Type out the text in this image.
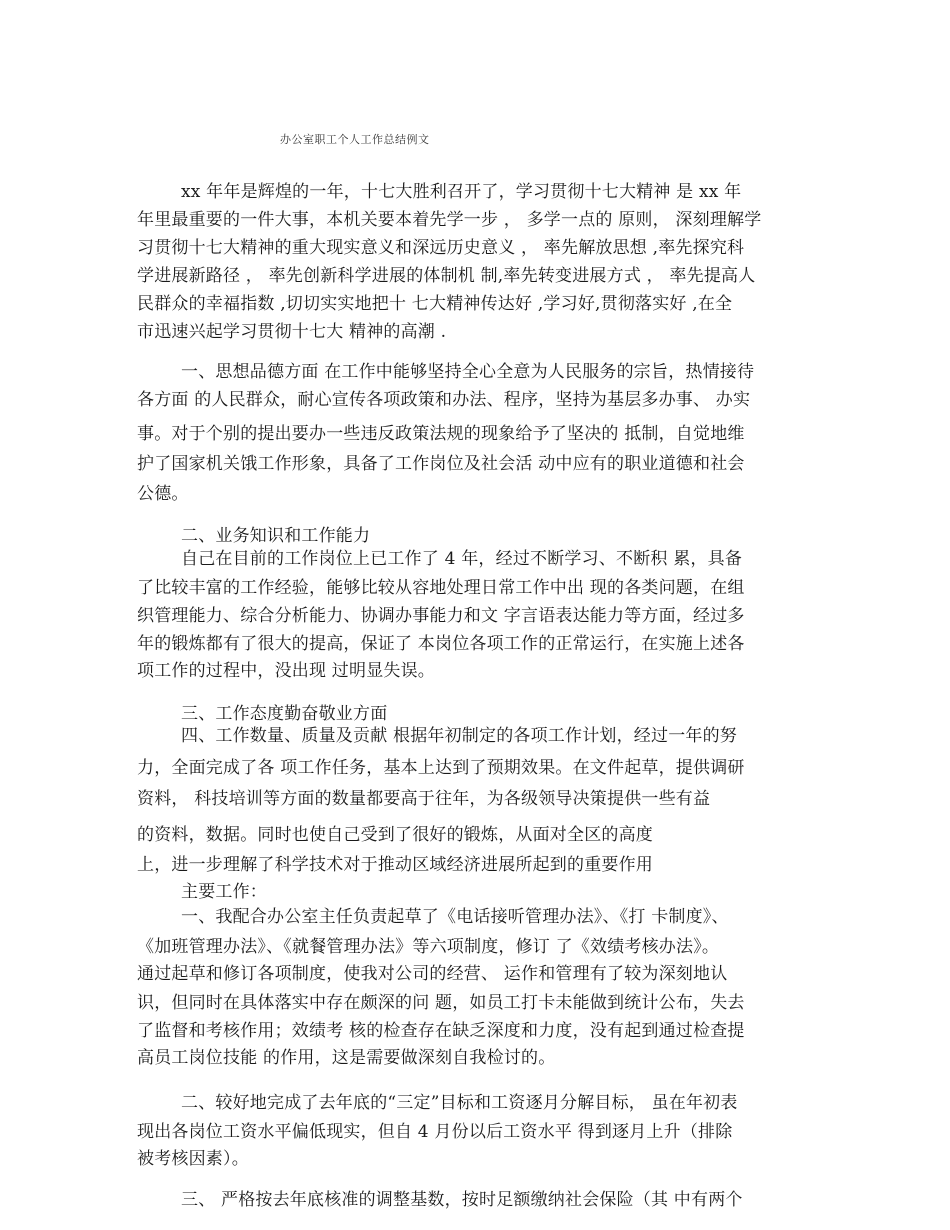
办公室职工个人工作总结例文
xx 年年是辉煌的一年，十七大胜利召开了，学习贯彻十七大精神 是 xx 年
年里最重要的一件大事，本机关要本着先学一步 ， 多学一点的 原则， 深刻理解学
习贯彻十七大精神的重大现实意义和深远历史意义 ， 率先解放思想 ,率先探究科
学进展新路径 ， 率先创新科学进展的体制机 制,率先转变进展方式 ， 率先提高人
民群众的幸福指数 ,切切实实地把十 七大精神传达好 ,学习好,贯彻落实好 ,在全
市迅速兴起学习贯彻十七大 精神的高潮 .
一、思想品德方面 在工作中能够坚持全心全意为人民服务的宗旨，热情接待
各方面 的人民群众，耐心宣传各项政策和办法、程序，坚持为基层多办事、 办实
事。对于个别的提出要办一些违反政策法规的现象给予了坚决的 抵制，自觉地维
护了国家机关饿工作形象，具备了工作岗位及社会活 动中应有的职业道德和社会
公德。
二、业务知识和工作能力
自己在目前的工作岗位上已工作了 4 年，经过不断学习、不断积 累，具备
了比较丰富的工作经验，能够比较从容地处理日常工作中出 现的各类问题，在组
织管理能力、综合分析能力、协调办事能力和文 字言语表达能力等方面，经过多
年的锻炼都有了很大的提高，保证了 本岗位各项工作的正常运行，在实施上述各
项工作的过程中，没出现 过明显失误。
三、工作态度勤奋敬业方面
四、工作数量、质量及贡献 根据年初制定的各项工作计划，经过一年的努
力，全面完成了各 项工作任务，基本上达到了预期效果。在文件起草，提供调研
资料， 科技培训等方面的数量都要高于往年，为各级领导决策提供一些有益
的资料，数据。同时也使自己受到了很好的锻炼，从面对全区的高度
上，进一步理解了科学技术对于推动区域经济进展所起到的重要作用
主要工作：
一、我配合办公室主任负责起草了《电话接听管理办法》、《打 卡制度》、
《加班管理办法》、《就餐管理办法》等六项制度，修订 了《效绩考核办法》。
通过起草和修订各项制度，使我对公司的经营、 运作和管理有了较为深刻地认
识，但同时在具体落实中存在颇深的问 题，如员工打卡未能做到统计公布，失去
了监督和考核作用；效绩考 核的检查存在缺乏深度和力度，没有起到通过检查提
高员工岗位技能 的作用，这是需要做深刻自我检讨的。
二、较好地完成了去年底的“三定”目标和工资逐月分解目标， 虽在年初表
现出各岗位工资水平偏低现实，但自 4 月份以后工资水平 得到逐月上升（排除
被考核因素）。
三、 严格按去年底核准的调整基数，按时足额缴纳社会保险（其 中有两个
